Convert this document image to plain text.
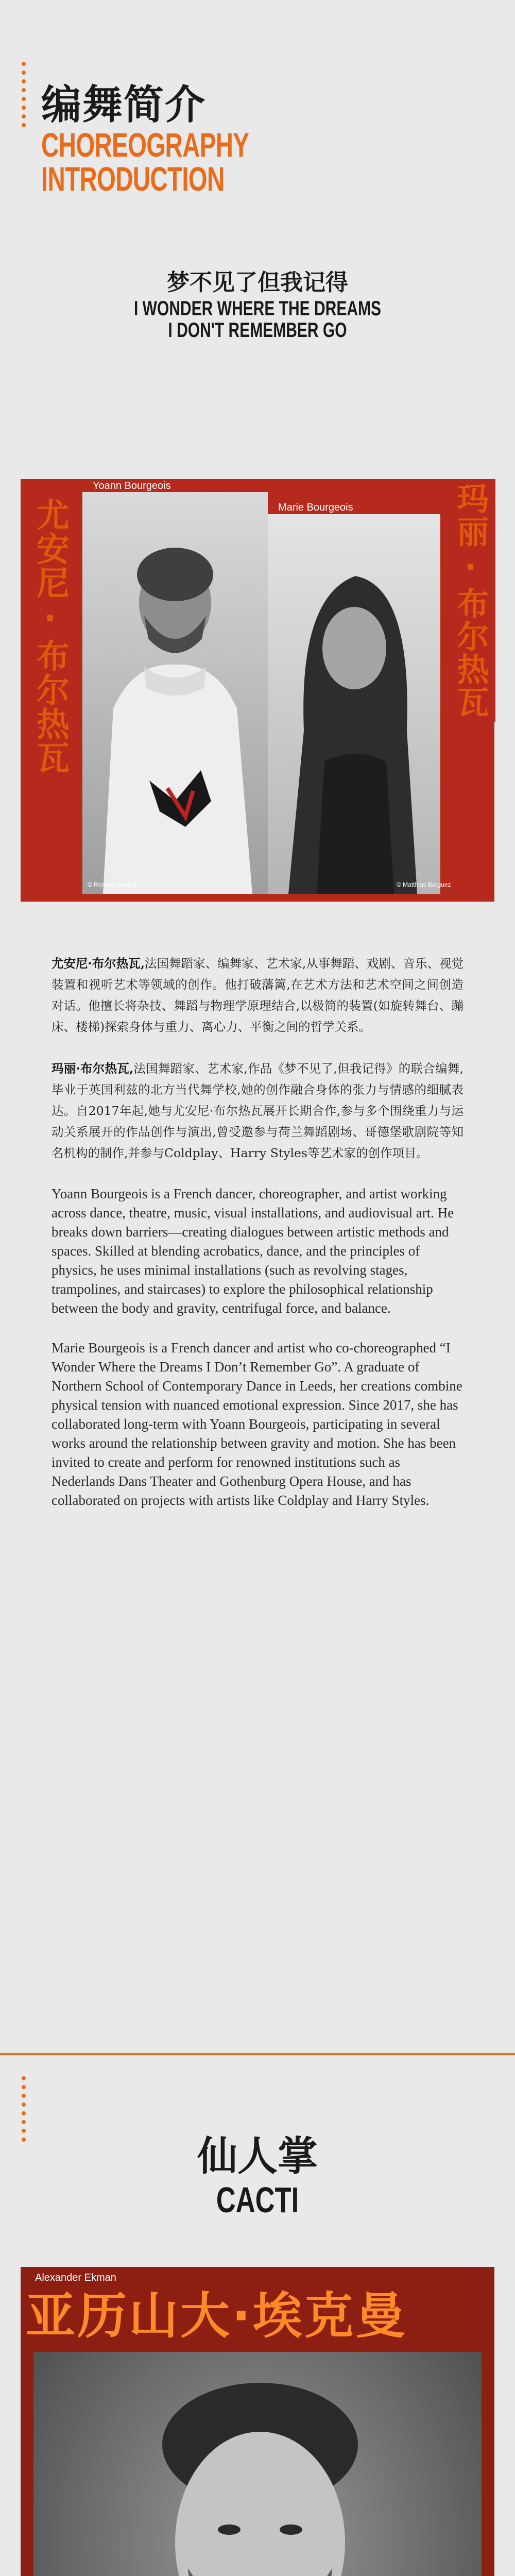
编舞简介
CHOREOGRAPHY
INTRODUCTION
梦不见了但我记得
I WONDER WHERE THE DREAMS
I DON'T REMEMBER GO
Yoann Bourgeois
© Romain Guilbot
Marie Bourgeois
© Matthias Barguez
尤安尼·布尔热瓦	玛丽·布尔热瓦

尤安尼·布尔热瓦,法国舞蹈家、编舞家、艺术家,从事舞蹈、戏剧、音乐、视觉装置和视听艺术等领域的创作。他打破藩篱,在艺术方法和艺术空间之间创造对话。他擅长将杂技、舞蹈与物理学原理结合,以极简的装置(如旋转舞台、蹦床、楼梯)探索身体与重力、离心力、平衡之间的哲学关系。

玛丽·布尔热瓦,法国舞蹈家、艺术家,作品《梦不见了,但我记得》的联合编舞,毕业于英国利兹的北方当代舞学校,她的创作融合身体的张力与情感的细腻表达。自2017年起,她与尤安尼·布尔热瓦展开长期合作,参与多个围绕重力与运动关系展开的作品创作与演出,曾受邀参与荷兰舞蹈剧场、哥德堡歌剧院等知名机构的制作,并参与Coldplay、Harry Styles等艺术家的创作项目。

Yoann Bourgeois is a French dancer, choreographer, and artist working across dance, theatre, music, visual installations, and audiovisual art. He breaks down barriers—creating dialogues between artistic methods and spaces. Skilled at blending acrobatics, dance, and the principles of physics, he uses minimal installations (such as revolving stages, trampolines, and staircases) to explore the philosophical relationship between the body and gravity, centrifugal force, and balance.

Marie Bourgeois is a French dancer and artist who co-choreographed “I Wonder Where the Dreams I Don’t Remember Go”. A graduate of Northern School of Contemporary Dance in Leeds, her creations combine physical tension with nuanced emotional expression. Since 2017, she has collaborated long-term with Yoann Bourgeois, participating in several works around the relationship between gravity and motion. She has been invited to create and perform for renowned institutions such as Nederlands Dans Theater and Gothenburg Opera House, and has collaborated on projects with artists like Coldplay and Harry Styles.

仙人掌
CACTI
Alexander Ekman
亚历山大·埃克曼
